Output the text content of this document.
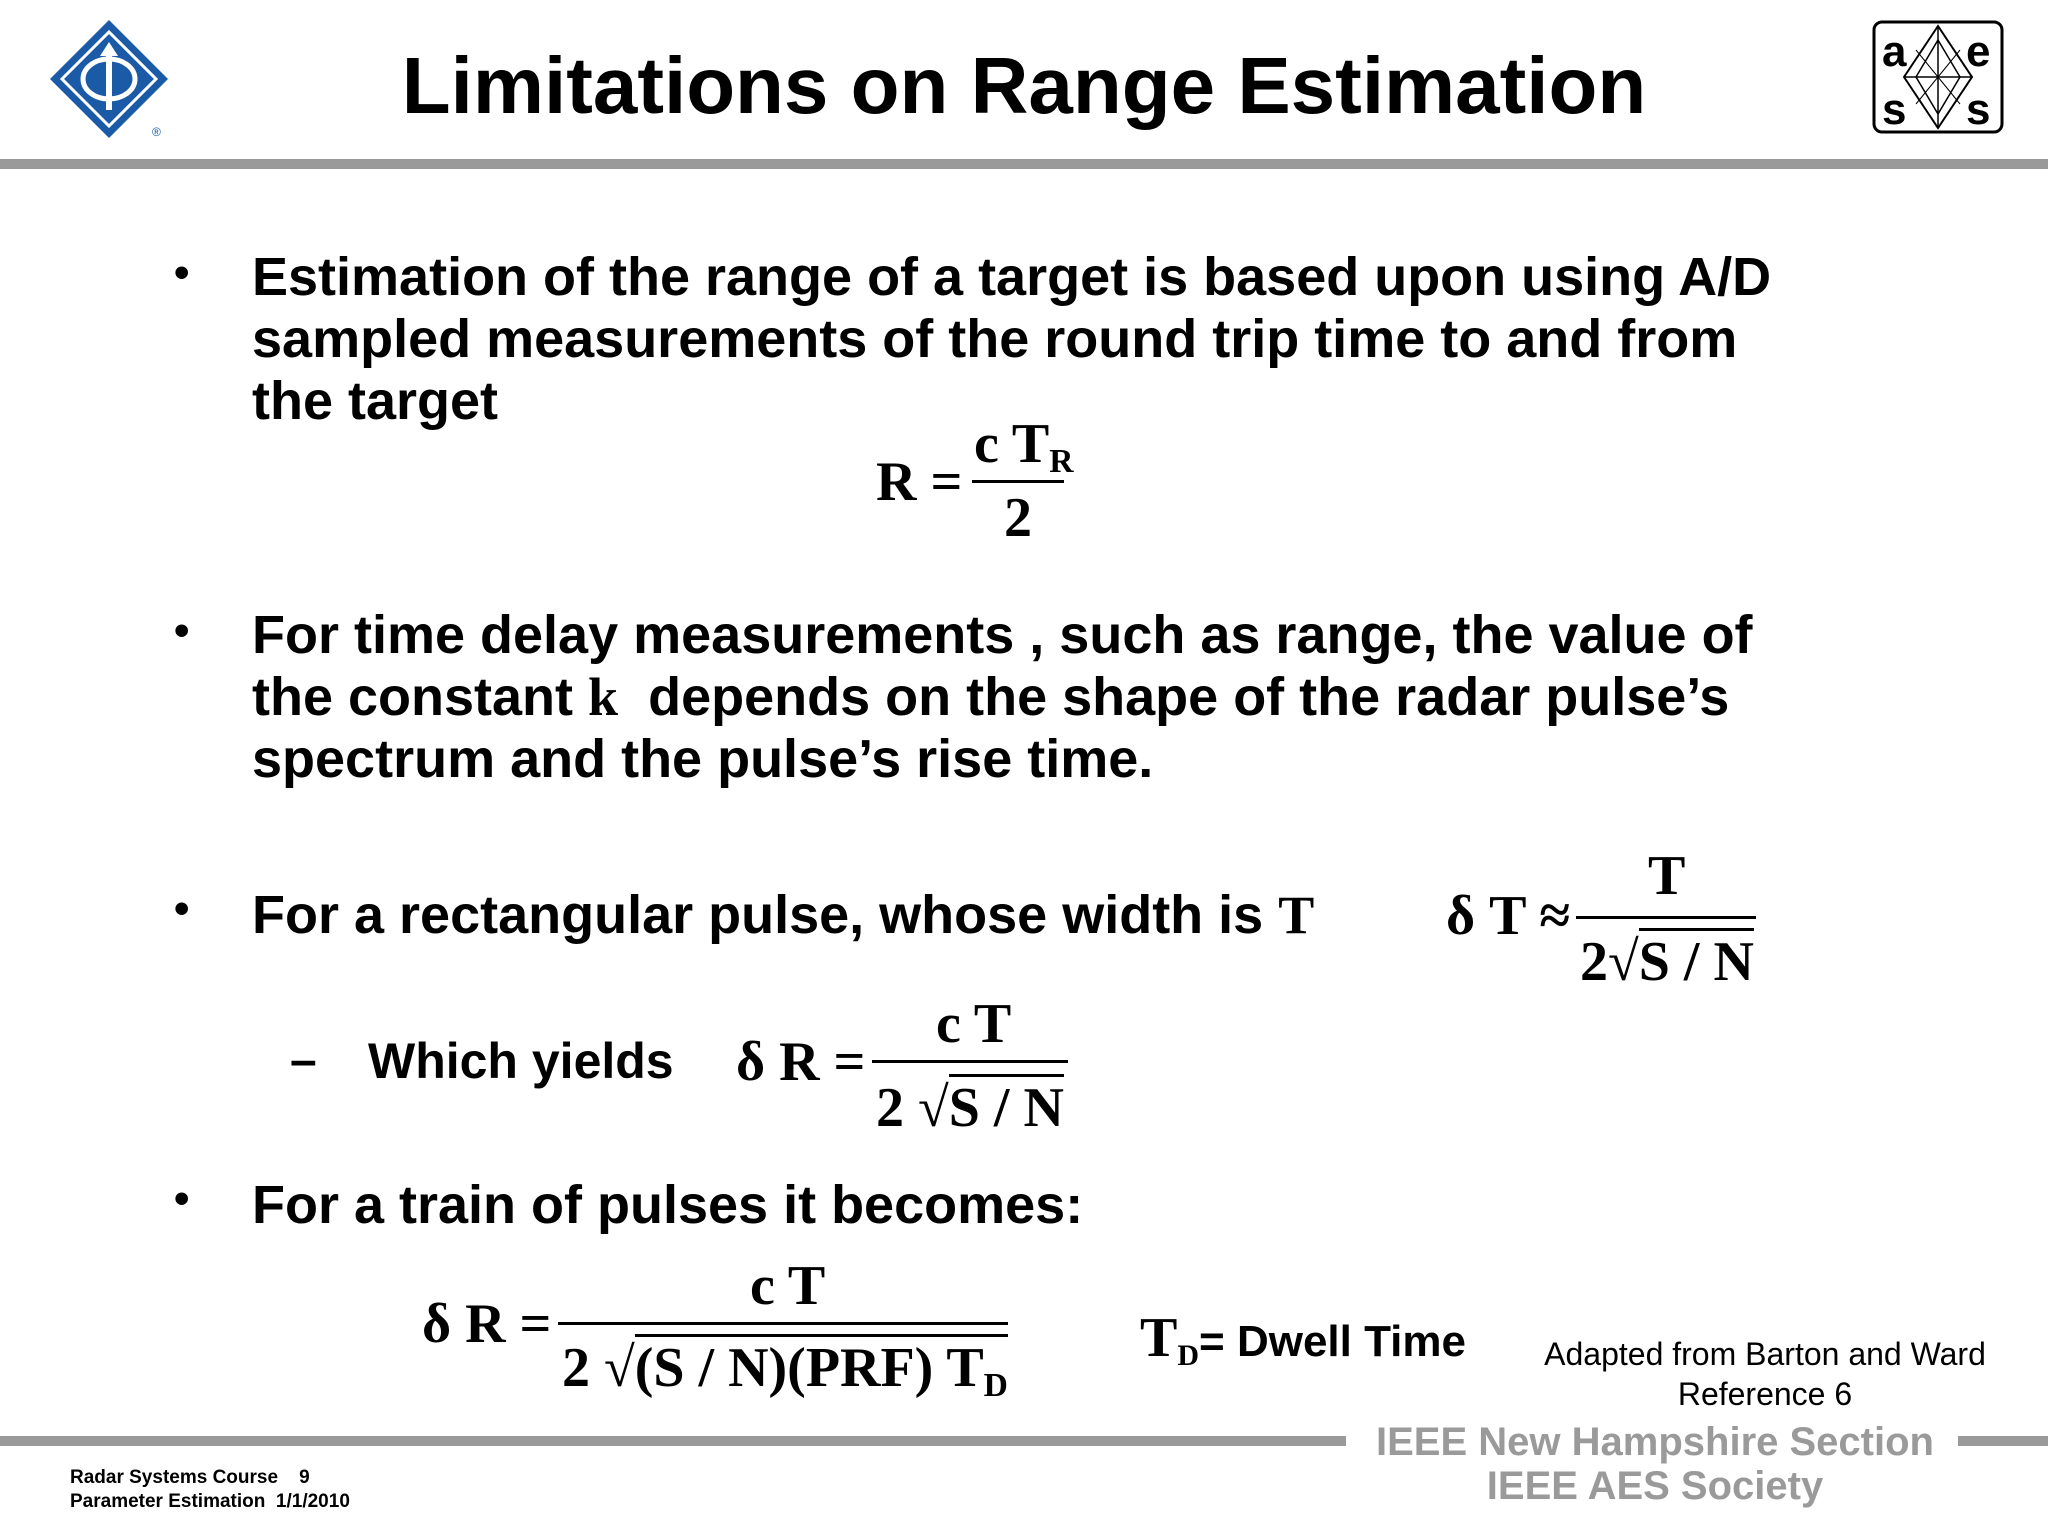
®
Limitations on Range Estimation	a e
s s
• Estimation of the range of a target is based upon using A/D
sampled measurements of the round trip time to and from
the target
R =
c $T_R$
2
• For time delay measurements , such as range, the value of
the constant k depends on the shape of the radar pulse’s
spectrum and the pulse’s rise time.
• For a rectangular pulse, whose width is T δ T ≈
T
2√S / N
– Which yields δ R =
c T
2 √S / N
• For a train of pulses it becomes:
δ R =
c T
2 √(S / N)(PRF) $T_D$
$T_D=$ Dwell Time	Adapted from Barton and Ward
Reference 6
Radar Systems Course 9
Parameter Estimation 1/1/2010
IEEE New Hampshire Section
IEEE AES Society
